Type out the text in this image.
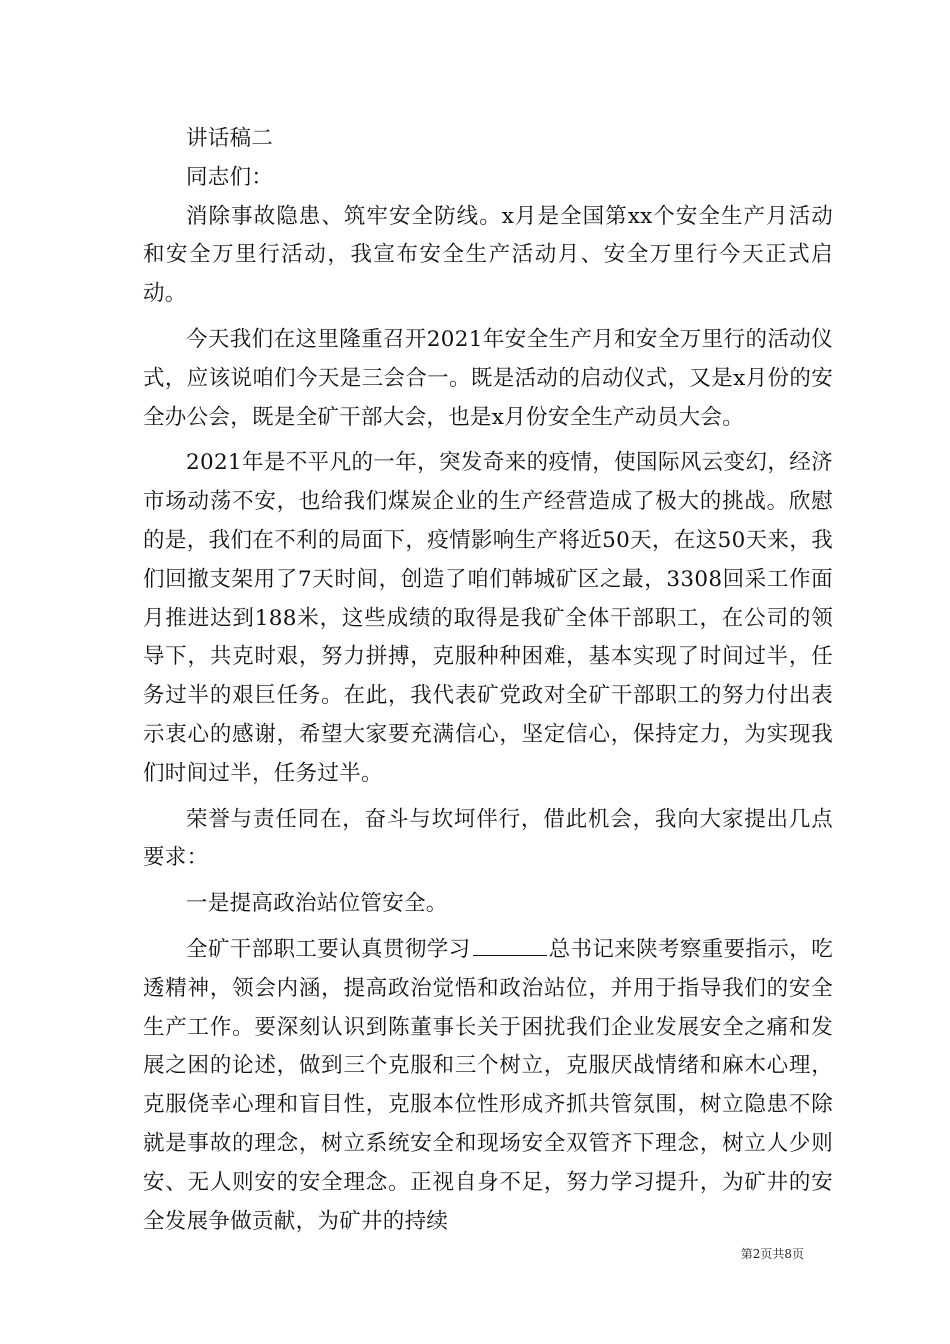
讲话稿二

同志们：

消除事故隐患、筑牢安全防线。x月是全国第xx个安全生产月活动和安全万里行活动，我宣布安全生产活动月、安全万里行今天正式启动。

今天我们在这里隆重召开2021年安全生产月和安全万里行的活动仪式，应该说咱们今天是三会合一。既是活动的启动仪式，又是x月份的安全办公会，既是全矿干部大会，也是x月份安全生产动员大会。

2021年是不平凡的一年，突发奇来的疫情，使国际风云变幻，经济市场动荡不安，也给我们煤炭企业的生产经营造成了极大的挑战。欣慰的是，我们在不利的局面下，疫情影响生产将近50天，在这50天来，我们回撤支架用了7天时间，创造了咱们韩城矿区之最，3308回采工作面月推进达到188米，这些成绩的取得是我矿全体干部职工，在公司的领导下，共克时艰，努力拼搏，克服种种困难，基本实现了时间过半，任务过半的艰巨任务。在此，我代表矿党政对全矿干部职工的努力付出表示衷心的感谢，希望大家要充满信心，坚定信心，保持定力，为实现我们时间过半，任务过半。

荣誉与责任同在，奋斗与坎坷伴行，借此机会，我向大家提出几点要求：

一是提高政治站位管安全。

全矿干部职工要认真贯彻学习	总书记来陕考察重要指示，吃透精神，领会内涵，提高政治觉悟和政治站位，并用于指导我们的安全生产工作。要深刻认识到陈董事长关于困扰我们企业发展安全之痛和发展之困的论述，做到三个克服和三个树立，克服厌战情绪和麻木心理，克服侥幸心理和盲目性，克服本位性形成齐抓共管氛围，树立隐患不除就是事故的理念，树立系统安全和现场安全双管齐下理念，树立人少则安、无人则安的安全理念。正视自身不足，努力学习提升，为矿井的安全发展争做贡献，为矿井的持续

第2页共8页
